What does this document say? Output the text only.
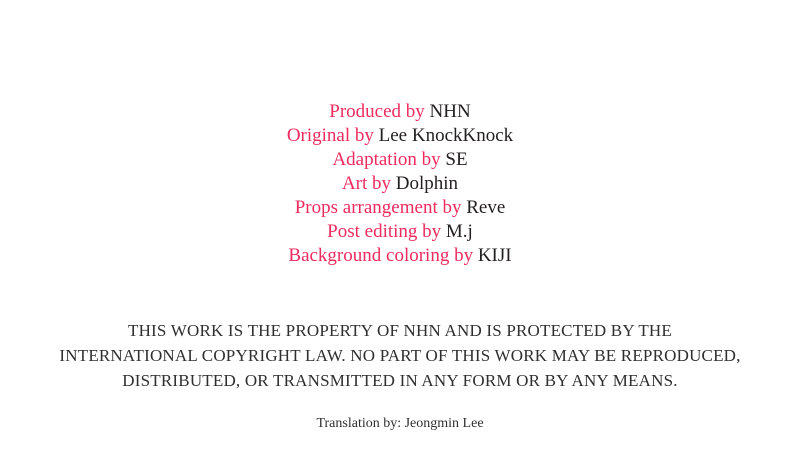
Produced by NHN
Original by Lee KnockKnock
Adaptation by SE
Art by Dolphin
Props arrangement by Reve
Post editing by M.j
Background coloring by KIJI
THIS WORK IS THE PROPERTY OF NHN AND IS PROTECTED BY THE
INTERNATIONAL COPYRIGHT LAW. NO PART OF THIS WORK MAY BE REPRODUCED,
DISTRIBUTED, OR TRANSMITTED IN ANY FORM OR BY ANY MEANS.
Translation by: Jeongmin Lee
